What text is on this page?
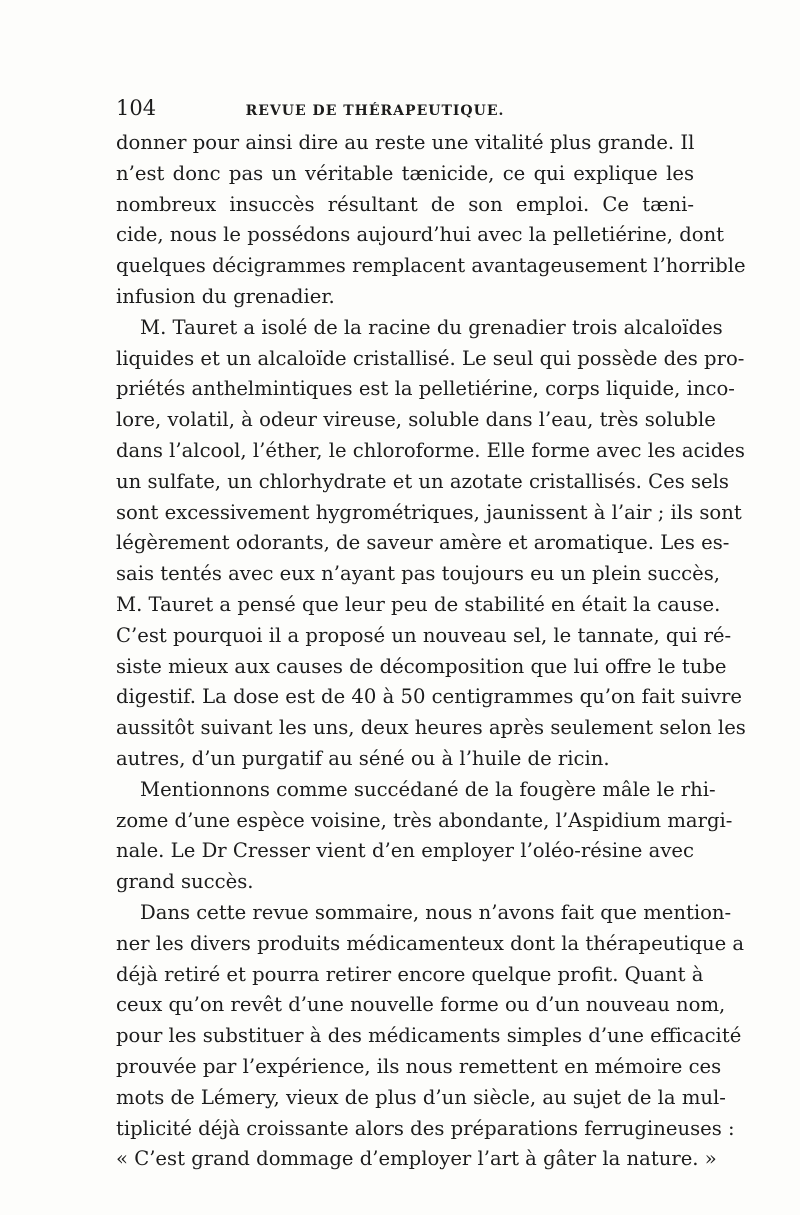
104	REVUE DE THÉRAPEUTIQUE.
donner pour ainsi dire au reste une vitalité plus grande. Il
n’est donc pas un véritable tænicide, ce qui explique les
nombreux insuccès résultant de son emploi. Ce tæni-
cide, nous le possédons aujourd’hui avec la pelletiérine, dont
quelques décigrammes remplacent avantageusement l’horrible
infusion du grenadier.
M. Tauret a isolé de la racine du grenadier trois alcaloïdes
liquides et un alcaloïde cristallisé. Le seul qui possède des pro-
priétés anthelmintiques est la pelletiérine, corps liquide, inco-
lore, volatil, à odeur vireuse, soluble dans l’eau, très soluble
dans l’alcool, l’éther, le chloroforme. Elle forme avec les acides
un sulfate, un chlorhydrate et un azotate cristallisés. Ces sels
sont excessivement hygrométriques, jaunissent à l’air ; ils sont
légèrement odorants, de saveur amère et aromatique. Les es-
sais tentés avec eux n’ayant pas toujours eu un plein succès,
M. Tauret a pensé que leur peu de stabilité en était la cause.
C’est pourquoi il a proposé un nouveau sel, le tannate, qui ré-
siste mieux aux causes de décomposition que lui offre le tube
digestif. La dose est de 40 à 50 centigrammes qu’on fait suivre
aussitôt suivant les uns, deux heures après seulement selon les
autres, d’un purgatif au séné ou à l’huile de ricin.
Mentionnons comme succédané de la fougère mâle le rhi-
zome d’une espèce voisine, très abondante, l’Aspidium margi-
nale. Le Dr Cresser vient d’en employer l’oléo-résine avec
grand succès.
Dans cette revue sommaire, nous n’avons fait que mention-
ner les divers produits médicamenteux dont la thérapeutique a
déjà retiré et pourra retirer encore quelque profit. Quant à
ceux qu’on revêt d’une nouvelle forme ou d’un nouveau nom,
pour les substituer à des médicaments simples d’une efficacité
prouvée par l’expérience, ils nous remettent en mémoire ces
mots de Lémery, vieux de plus d’un siècle, au sujet de la mul-
tiplicité déjà croissante alors des préparations ferrugineuses :
« C’est grand dommage d’employer l’art à gâter la nature. »
